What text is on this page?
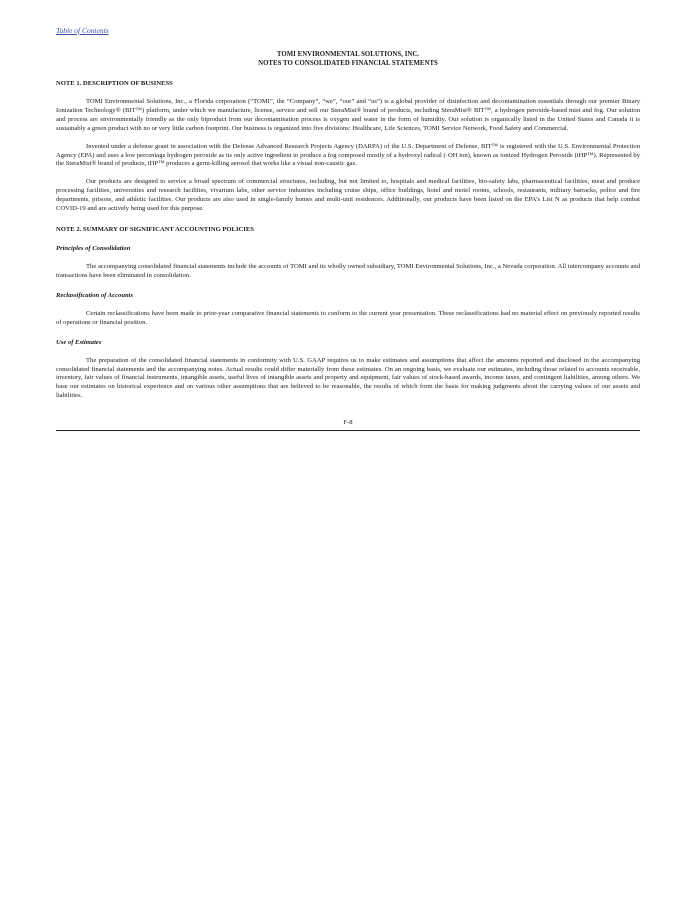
Table of Contents
TOMI ENVIRONMENTAL SOLUTIONS, INC.
NOTES TO CONSOLIDATED FINANCIAL STATEMENTS
NOTE 1. DESCRIPTION OF BUSINESS

TOMI Environmental Solutions, Inc., a Florida corporation (“TOMI”, the “Company”, “we”, “our” and “us”) is a global provider of disinfection and decontamination essentials through our premier Binary Ionization Technology® (BIT™) platform, under which we manufacture, license, service and sell our SteraMist® brand of products, including SteraMist® BIT™, a hydrogen peroxide-based mist and fog. Our solution and process are environmentally friendly as the only biproduct from our decontamination process is oxygen and water in the form of humidity. Our solution is organically listed in the United States and Canada it is sustainably a green product with no or very little carbon footprint. Our business is organized into five divisions: Healthcare, Life Sciences, TOMI Service Network, Food Safety and Commercial.

Invented under a defense grant in association with the Defense Advanced Research Projects Agency (DARPA) of the U.S. Department of Defense, BIT™ is registered with the U.S. Environmental Protection Agency (EPA) and uses a low percentage hydrogen peroxide as its only active ingredient to produce a fog composed mostly of a hydroxyl radical (·OH ion), known as ionized Hydrogen Peroxide (iHP™). Represented by the SteraMist® brand of products, iHP™ produces a germ-killing aerosol that works like a visual non-caustic gas.

Our products are designed to service a broad spectrum of commercial structures, including, but not limited to, hospitals and medical facilities, bio-safety labs, pharmaceutical facilities, meat and produce processing facilities, universities and research facilities, vivarium labs, other service industries including cruise ships, office buildings, hotel and motel rooms, schools, restaurants, military barracks, police and fire departments, prisons, and athletic facilities. Our products are also used in single-family homes and multi-unit residences. Additionally, our products have been listed on the EPA’s List N as products that help combat COVID-19 and are actively being used for this purpose.

NOTE 2. SUMMARY OF SIGNIFICANT ACCOUNTING POLICIES
Principles of Consolidation

The accompanying consolidated financial statements include the accounts of TOMI and its wholly owned subsidiary, TOMI Environmental Solutions, Inc., a Nevada corporation. All intercompany accounts and transactions have been eliminated in consolidation.

Reclassification of Accounts

Certain reclassifications have been made to prior-year comparative financial statements to conform to the current year presentation. These reclassifications had no material effect on previously reported results of operations or financial position.

Use of Estimates

The preparation of the consolidated financial statements in conformity with U.S. GAAP requires us to make estimates and assumptions that affect the amounts reported and disclosed in the accompanying consolidated financial statements and the accompanying notes. Actual results could differ materially from these estimates. On an ongoing basis, we evaluate our estimates, including those related to accounts receivable, inventory, fair values of financial instruments, intangible assets, useful lives of intangible assets and property and equipment, fair values of stock-based awards, income taxes, and contingent liabilities, among others. We base our estimates on historical experience and on various other assumptions that are believed to be reasonable, the results of which form the basis for making judgments about the carrying values of our assets and liabilities.

F-8
